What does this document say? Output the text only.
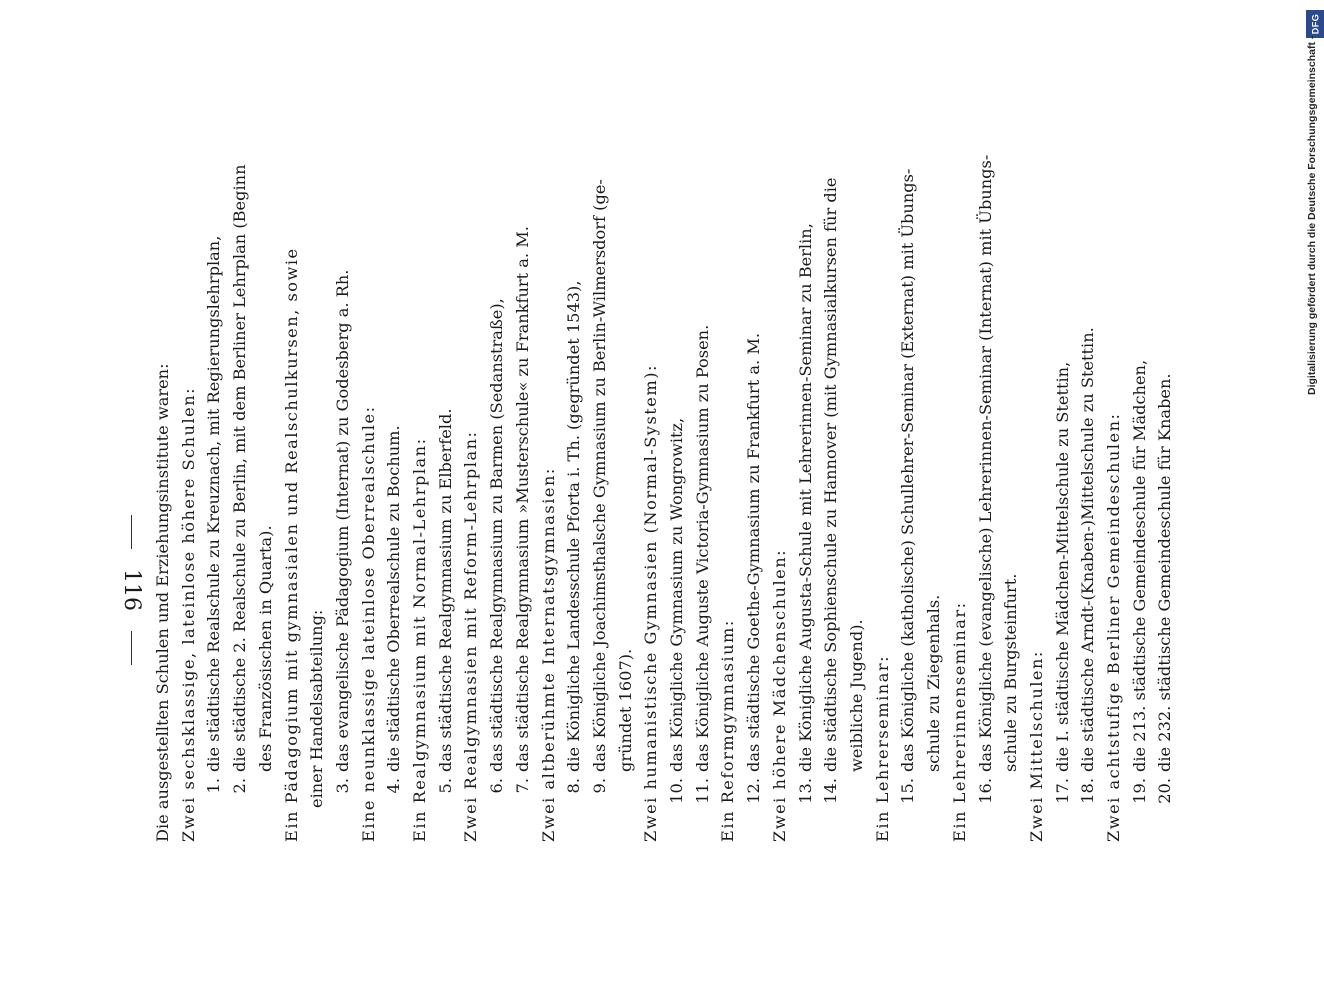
116 Die ausgestellten Schulen und Erziehungsinstitute waren: Zwei sechsklassige, lateinlose höhere Schulen: 1.die städtische Realschule zu Kreuznach, mit Regierungslehrplan,
2.die städtische 2. Realschule zu Berlin, mit dem Berliner Lehrplan (Beginn des Französischen in Quarta). Ein Pädagogium mit gymnasialen und Realschulkursen, sowie einer Handelsabteilung: 3.das evangelische Pädagogium (Internat) zu Godesberg a. Rh. Eine neunklassige lateinlose Oberrealschule: 4.die städtische Oberrealschule zu Bochum. Ein Realgymnasium mit Normal-Lehrplan: 5.das städtische Realgymnasium zu Elberfeld. Zwei Realgymnasien mit Reform-Lehrplan: 6.das städtische Realgymnasium zu Barmen (Sedanstraße),
7.das städtische Realgymnasium »Musterschule« zu Frankfurt a. M. Zwei altberühmte Internatsgymnasien: 8.die Königliche Landesschule Pforta i. Th. (gegründet 1543),
9.das Königliche Joachimsthalsche Gymnasium zu Berlin-Wilmersdorf (ge- gründet 1607). Zwei humanistische Gymnasien (Normal-System): 10.das Königliche Gymnasium zu Wongrowitz,
11.das Königliche Auguste Victoria-Gymnasium zu Posen. Ein Reformgymnasium: 12.das städtische Goethe-Gymnasium zu Frankfurt a. M. Zwei höhere Mädchenschulen: 13.die Königliche Augusta-Schule mit Lehrerinnen-Seminar zu Berlin,
14.die städtische Sophienschule zu Hannover (mit Gymnasialkursen für die weibliche Jugend). Ein Lehrerseminar: 15.das Königliche (katholische) Schullehrer-Seminar (Externat) mit Übungs- schule zu Ziegenhals. Ein Lehrerinnenseminar: 16.das Königliche (evangelische) Lehrerinnen-Seminar (Internat) mit Übungs- schule zu Burgsteinfurt. Zwei Mittelschulen: 17.die I. städtische Mädchen-Mittelschule zu Stettin,
18.die städtische Arndt-(Knaben-)Mittelschule zu Stettin. Zwei achtstufige Berliner Gemeindeschulen: 19.die 213. städtische Gemeindeschule für Mädchen,
20.die 232. städtische Gemeindeschule für Knaben.
DFG
Digitalisierung gefördert durch die Deutsche Forschungsgemeinschaft -
